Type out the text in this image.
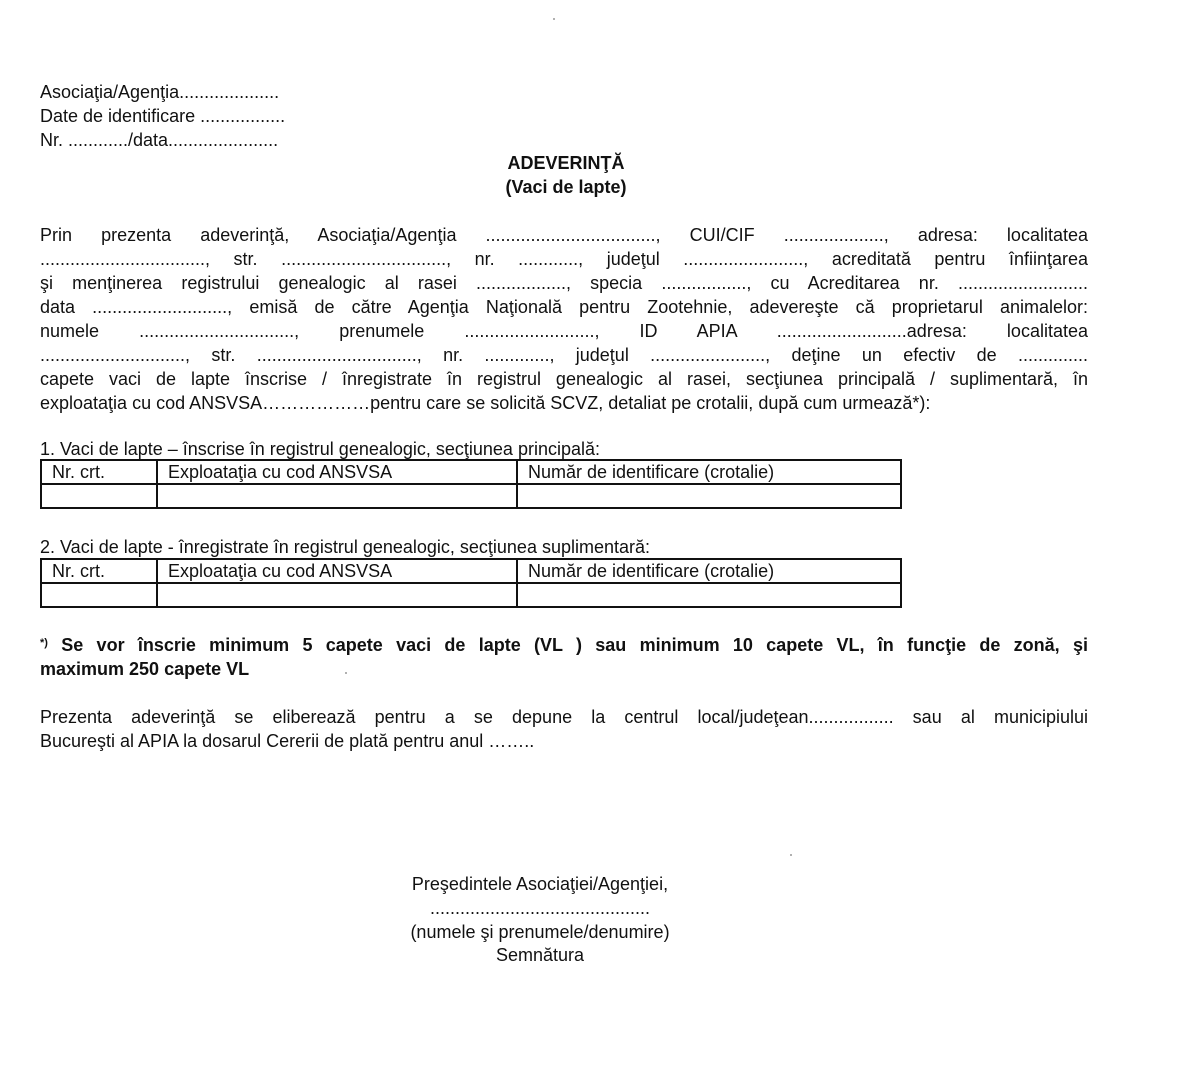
Asociaţia/Agenţia....................
Date de identificare .................
Nr. ............/data......................
ADEVERINŢĂ
(Vaci de lapte)
Prin prezenta adeverinţă, Asociaţia/Agenţia .................................., CUI/CIF ...................., adresa: localitatea
................................., str. ................................., nr. ............, judeţul ........................, acreditată pentru înfiinţarea
şi menţinerea registrului genealogic al rasei .................., specia ................., cu Acreditarea nr. ..........................
data ..........................., emisă de către Agenţia Naţională pentru Zootehnie, adevereşte că proprietarul animalelor:
numele ..............................., prenumele .........................., ID APIA ..........................adresa: localitatea
............................., str. ................................, nr. ............., judeţul ......................., deţine un efectiv de ..............
capete vaci de lapte înscrise / înregistrate în registrul genealogic al rasei, secţiunea principală / suplimentară, în
exploataţia cu cod ANSVSA………………pentru care se solicită SCVZ, detaliat pe crotalii, după cum urmează*):
1. Vaci de lapte – înscrise în registrul genealogic, secţiunea principală:
Nr. crt.	Exploataţia cu cod ANSVSA	Număr de identificare (crotalie)

2. Vaci de lapte - înregistrate în registrul genealogic, secţiunea suplimentară:
Nr. crt.	Exploataţia cu cod ANSVSA	Număr de identificare (crotalie)

*) Se vor înscrie minimum 5 capete vaci de lapte (VL ) sau minimum 10 capete VL, în funcţie de zonă, şi
maximum 250 capete VL
Prezenta adeverinţă se eliberează pentru a se depune la centrul local/judeţean................. sau al municipiului
Bucureşti al APIA la dosarul Cererii de plată pentru anul ……..
Preşedintele Asociaţiei/Agenţiei,
............................................
(numele şi prenumele/denumire)
Semnătura
